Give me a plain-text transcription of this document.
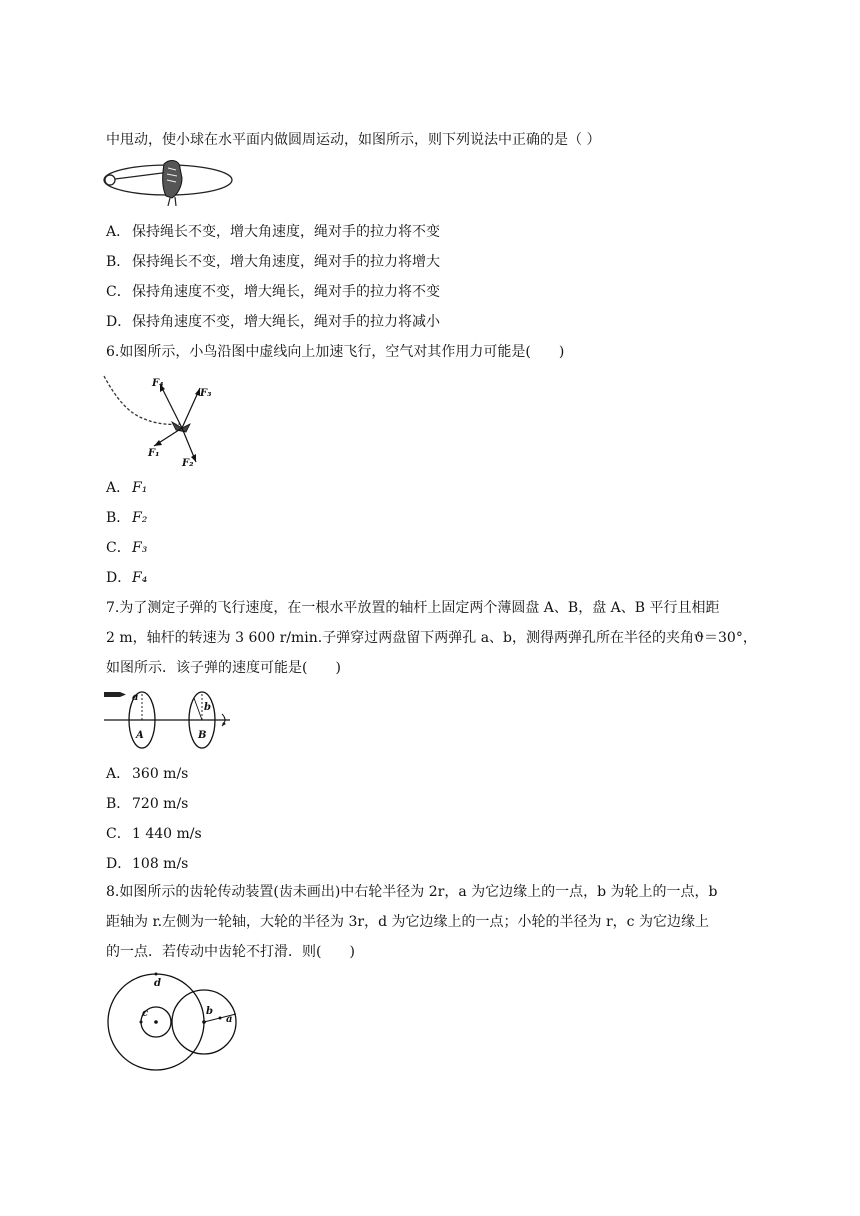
中甩动，使小球在水平面内做圆周运动，如图所示，则下列说法中正确的是（ ）
A． 保持绳长不变，增大角速度，绳对手的拉力将不变
B． 保持绳长不变，增大角速度，绳对手的拉力将增大
C．保持角速度不变，增大绳长，绳对手的拉力将不变
D．保持角速度不变，增大绳长，绳对手的拉力将减小
6.如图所示，小鸟沿图中虚线向上加速飞行，空气对其作用力可能是(　　)
F₄
F₃
F₁
F₂
A． F₁
B． F₂
C．F₃
D．F₄
7.为了测定子弹的飞行速度，在一根水平放置的轴杆上固定两个薄圆盘 A、B，盘 A、B 平行且相距
2 m，轴杆的转速为 3 600 r/min.子弹穿过两盘留下两弹孔 a、b，测得两弹孔所在半径的夹角ϑ＝30°，
如图所示．该子弹的速度可能是(　　)
a
A
b
B
A． 360 m/s
B． 720 m/s
C．1 440 m/s
D．108 m/s
8.如图所示的齿轮传动装置(齿未画出)中右轮半径为 2r，a 为它边缘上的一点，b 为轮上的一点，b
距轴为 r.左侧为一轮轴，大轮的半径为 3r，d 为它边缘上的一点；小轮的半径为 r，c 为它边缘上
的一点．若传动中齿轮不打滑．则(　　)
d
c	b
a
